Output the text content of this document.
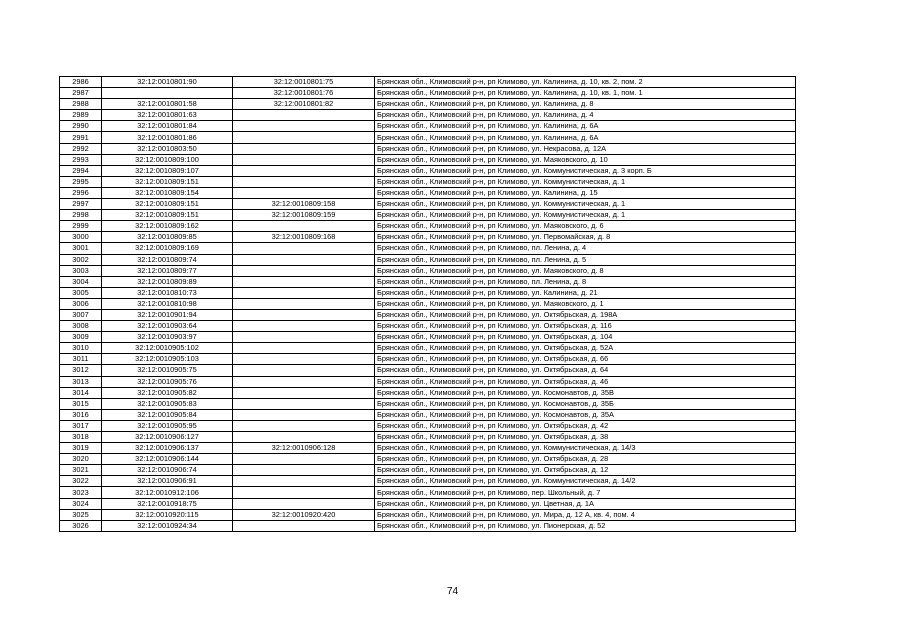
2986	32:12:0010801:90	32:12:0010801:75	Брянская обл., Климовский р-н, рп Климово, ул. Калинина, д. 10, кв. 2, пом. 2
2987		32:12:0010801:76	Брянская обл., Климовский р-н, рп Климово, ул. Калинина, д. 10, кв. 1, пом. 1
2988	32:12:0010801:58	32:12:0010801:82	Брянская обл., Климовский р-н, рп Климово, ул. Калинина, д. 8
2989	32:12:0010801:63		Брянская обл., Климовский р-н, рп Климово, ул. Калинина, д. 4
2990	32:12:0010801:84		Брянская обл., Климовский р-н, рп Климово, ул. Калинина, д. 6А
2991	32:12:0010801:86		Брянская обл., Климовский р-н, рп Климово, ул. Калинина, д. 6А
2992	32:12:0010803:50		Брянская обл., Климовский р-н, рп Климово, ул. Некрасова, д. 12А
2993	32:12:0010809:100		Брянская обл., Климовский р-н, рп Климово, ул. Маяковского, д. 10
2994	32:12:0010809:107		Брянская обл., Климовский р-н, рп Климово, ул. Коммунистическая, д. 3 корп. Б
2995	32:12:0010809:151		Брянская обл., Климовский р-н, рп Климово, ул. Коммунистическая, д. 1
2996	32:12:0010809:154		Брянская обл., Климовский р-н, рп Климово, ул. Калинина, д. 15
2997	32:12:0010809:151	32:12:0010809:158	Брянская обл., Климовский р-н, рп Климово, ул. Коммунистическая, д. 1
2998	32:12:0010809:151	32:12:0010809:159	Брянская обл., Климовский р-н, рп Климово, ул. Коммунистическая, д. 1
2999	32:12:0010809:162		Брянская обл., Климовский р-н, рп Климово, ул. Маяковского, д. 6
3000	32:12:0010809:85	32:12:0010809:168	Брянская обл., Климовский р-н, рп Климово, ул. Первомайская, д. 8
3001	32:12:0010809:169		Брянская обл., Климовский р-н, рп Климово, пл. Ленина, д. 4
3002	32:12:0010809:74		Брянская обл., Климовский р-н, рп Климово, пл. Ленина, д. 5
3003	32:12:0010809:77		Брянская обл., Климовский р-н, рп Климово, ул. Маяковского, д. 8
3004	32:12:0010809:89		Брянская обл., Климовский р-н, рп Климово, пл. Ленина, д. 8
3005	32:12:0010810:73		Брянская обл., Климовский р-н, рп Климово, ул. Калинина, д. 21
3006	32:12:0010810:98		Брянская обл., Климовский р-н, рп Климово, ул. Маяковского, д. 1
3007	32:12:0010901:94		Брянская обл., Климовский р-н, рп Климово, ул. Октябрьская, д. 198А
3008	32:12:0010903:64		Брянская обл., Климовский р-н, рп Климово, ул. Октябрьская, д. 116
3009	32:12:0010903:97		Брянская обл., Климовский р-н, рп Климово, ул. Октябрьская, д. 104
3010	32:12:0010905:102		Брянская обл., Климовский р-н, рп Климово, ул. Октябрьская, д. 52А
3011	32:12:0010905:103		Брянская обл., Климовский р-н, рп Климово, ул. Октябрьская, д. 66
3012	32:12:0010905:75		Брянская обл., Климовский р-н, рп Климово, ул. Октябрьская, д. 64
3013	32:12:0010905:76		Брянская обл., Климовский р-н, рп Климово, ул. Октябрьская, д. 46
3014	32:12:0010905:82		Брянская обл., Климовский р-н, рп Климово, ул. Космонавтов, д. 35В
3015	32:12:0010905:83		Брянская обл., Климовский р-н, рп Климово, ул. Космонавтов, д. 35Б
3016	32:12:0010905:84		Брянская обл., Климовский р-н, рп Климово, ул. Космонавтов, д. 35А
3017	32:12:0010905:95		Брянская обл., Климовский р-н, рп Климово, ул. Октябрьская, д. 42
3018	32:12:0010906:127		Брянская обл., Климовский р-н, рп Климово, ул. Октябрьская, д. 38
3019	32:12:0010906:137	32:12:0010906:128	Брянская обл., Климовский р-н, рп Климово, ул. Коммунистическая, д. 14/3
3020	32:12:0010906:144		Брянская обл., Климовский р-н, рп Климово, ул. Октябрьская, д. 28
3021	32:12:0010906:74		Брянская обл., Климовский р-н, рп Климово, ул. Октябрьская, д. 12
3022	32:12:0010906:91		Брянская обл., Климовский р-н, рп Климово, ул. Коммунистическая, д. 14/2
3023	32:12:0010912:106		Брянская обл., Климовский р-н, рп Климово, пер. Школьный, д. 7
3024	32:12:0010918:75		Брянская обл., Климовский р-н, рп Климово, ул. Цветная, д. 1А
3025	32:12:0010920:115	32:12:0010920:420	Брянская обл., Климовский р-н, рп Климово, ул. Мира, д. 12 А, кв. 4, пом. 4
3026	32:12:0010924:34		Брянская обл., Климовский р-н, рп Климово, ул. Пионерская, д. 52
74
